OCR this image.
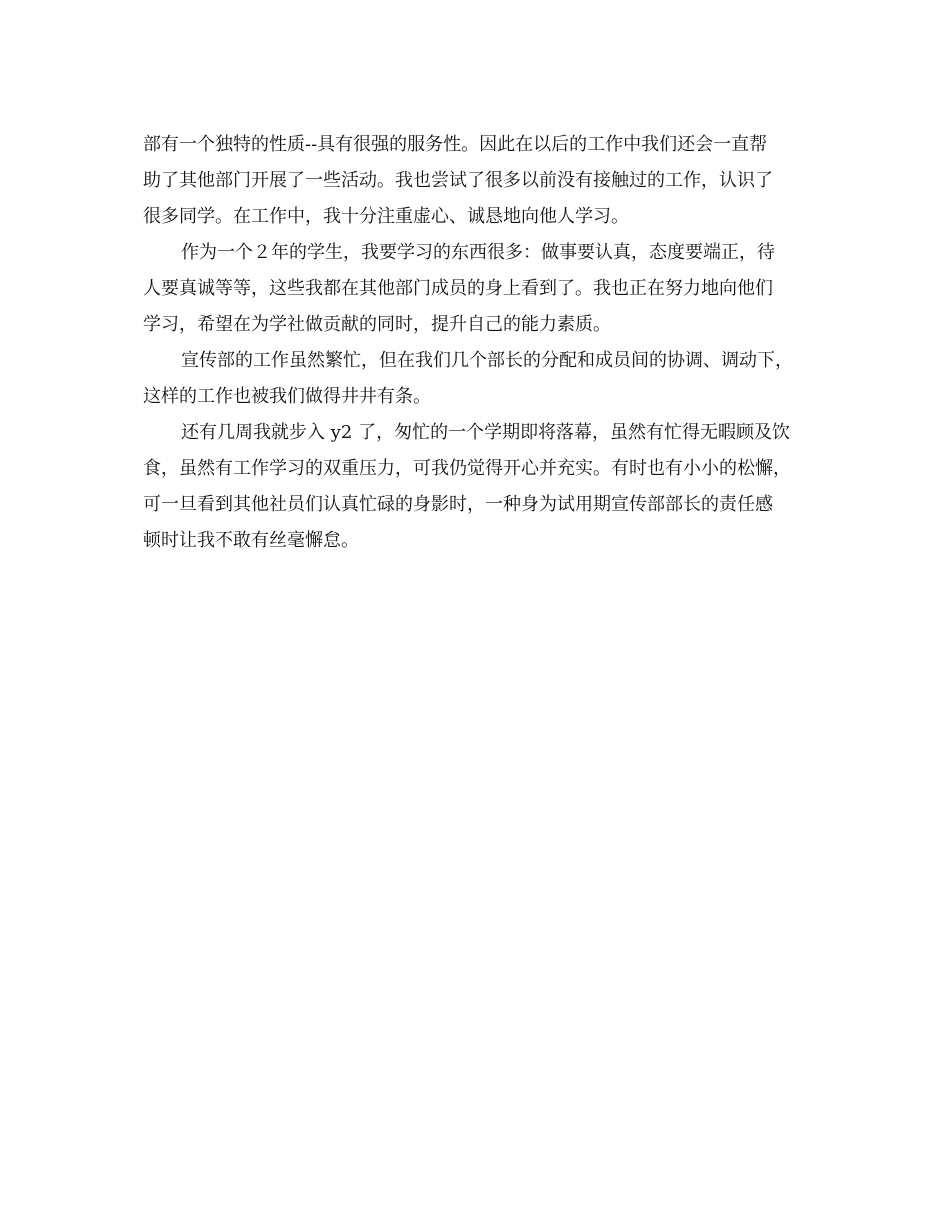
部有一个独特的性质--具有很强的服务性。因此在以后的工作中我们还会一直帮
助了其他部门开展了一些活动。我也尝试了很多以前没有接触过的工作，认识了
很多同学。在工作中，我十分注重虚心、诚恳地向他人学习。
作为一个２年的学生，我要学习的东西很多：做事要认真，态度要端正，待
人要真诚等等，这些我都在其他部门成员的身上看到了。我也正在努力地向他们
学习，希望在为学社做贡献的同时，提升自己的能力素质。
宣传部的工作虽然繁忙，但在我们几个部长的分配和成员间的协调、调动下，
这样的工作也被我们做得井井有条。
还有几周我就步入 y2 了，匆忙的一个学期即将落幕，虽然有忙得无暇顾及饮
食，虽然有工作学习的双重压力，可我仍觉得开心并充实。有时也有小小的松懈，
可一旦看到其他社员们认真忙碌的身影时，一种身为试用期宣传部部长的责任感
顿时让我不敢有丝毫懈怠。
